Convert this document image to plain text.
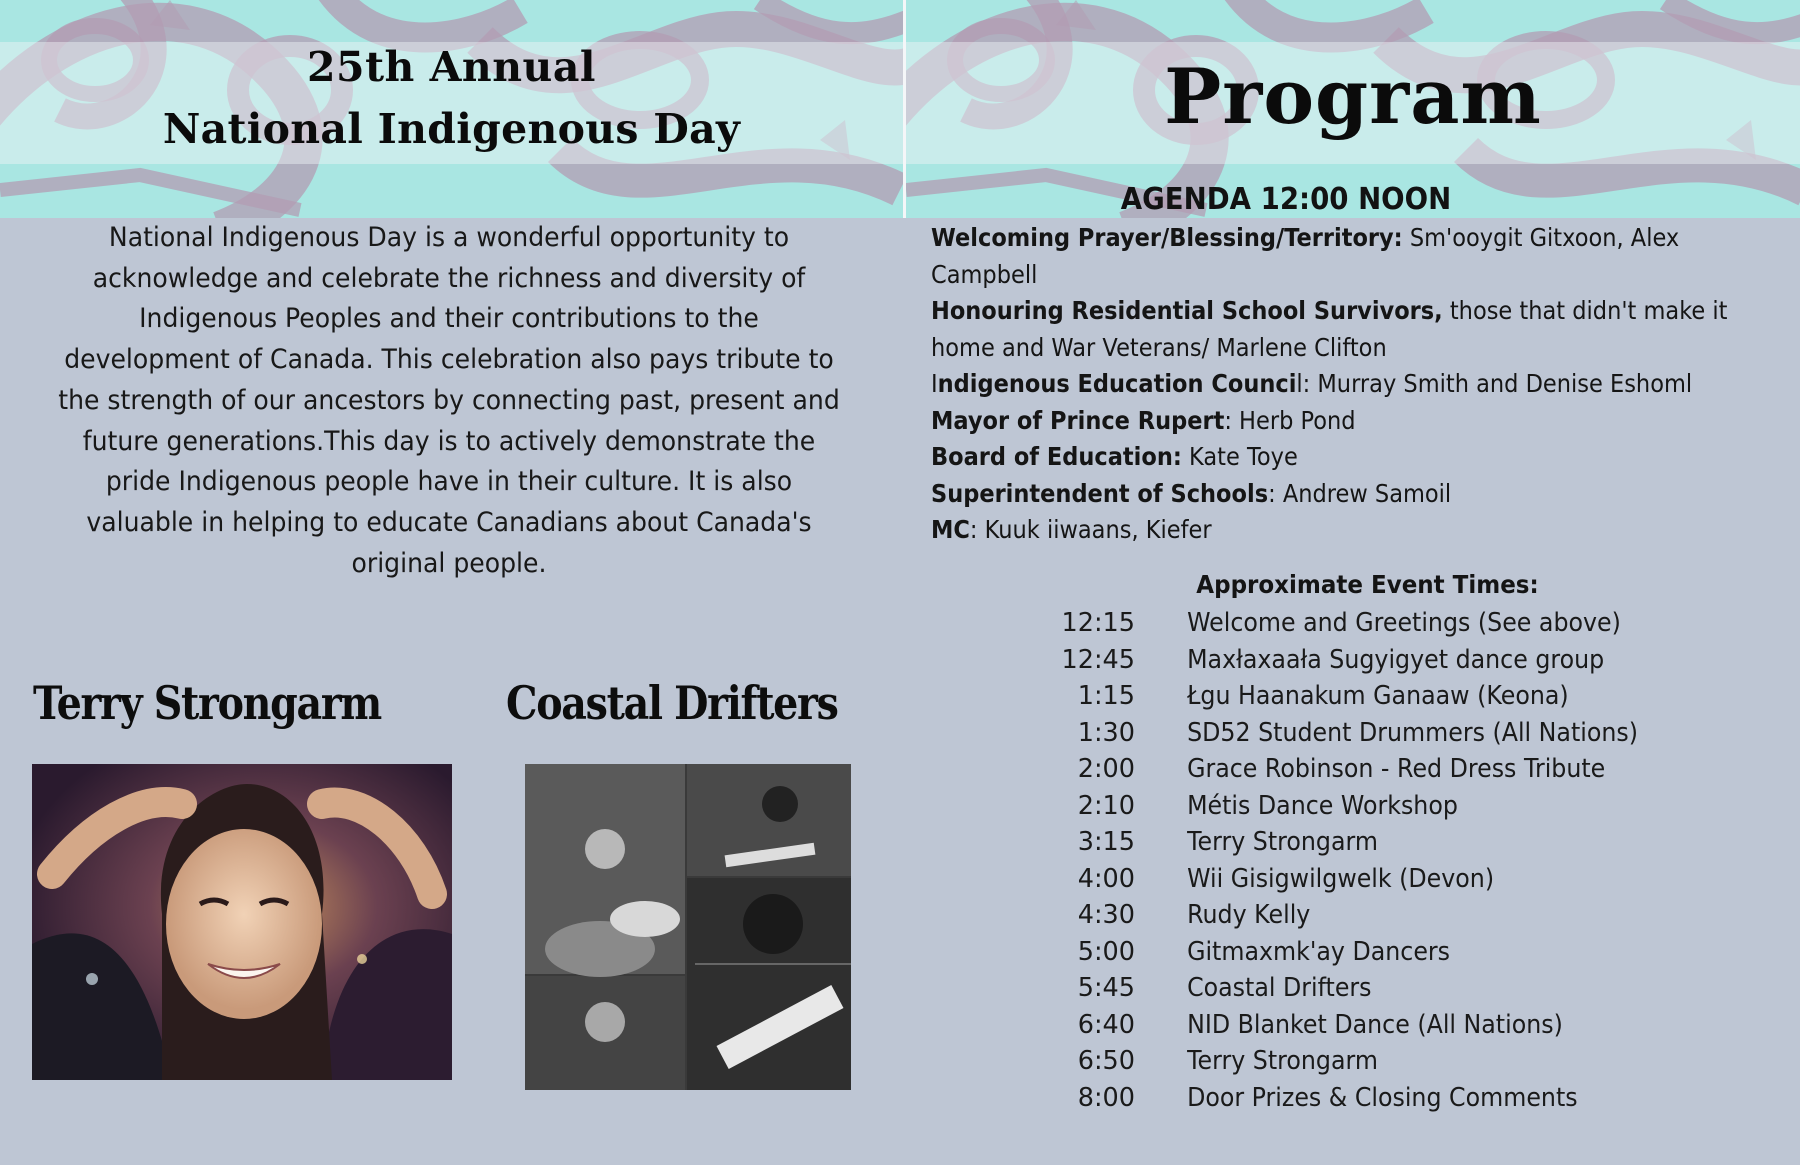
25th Annual
National Indigenous Day	Program
AGENDA 12:00 NOON
National Indigenous Day is a wonderful opportunity to
acknowledge and celebrate the richness and diversity of
Indigenous Peoples and their contributions to the
development of Canada. This celebration also pays tribute to
the strength of our ancestors by connecting past, present and
future generations.This day is to actively demonstrate the
pride Indigenous people have in their culture. It is also
valuable in helping to educate Canadians about Canada's
original people.
Welcoming Prayer/Blessing/Territory: Sm'ooygit Gitxoon, Alex
Campbell
Honouring Residential School Survivors, those that didn't make it
home and War Veterans/ Marlene Clifton
Indigenous Education Council: Murray Smith and Denise Eshoml
Mayor of Prince Rupert: Herb Pond
Board of Education: Kate Toye
Superintendent of Schools: Andrew Samoil
MC: Kuuk iiwaans, Kiefer
Approximate Event Times:
12:15	Welcome and Greetings (See above)
12:45	Maxłaxaała Sugyigyet dance group
1:15	Łgu Haanakum Ganaaw (Keona)
1:30	SD52 Student Drummers (All Nations)
2:00	Grace Robinson - Red Dress Tribute
2:10	Métis Dance Workshop
3:15	Terry Strongarm
4:00	Wii Gisigwilgwelk (Devon)
4:30	Rudy Kelly
5:00	Gitmaxmk'ay Dancers
5:45	Coastal Drifters
6:40	NID Blanket Dance (All Nations)
6:50	Terry Strongarm
8:00	Door Prizes & Closing Comments
Terry Strongarm	Coastal Drifters
